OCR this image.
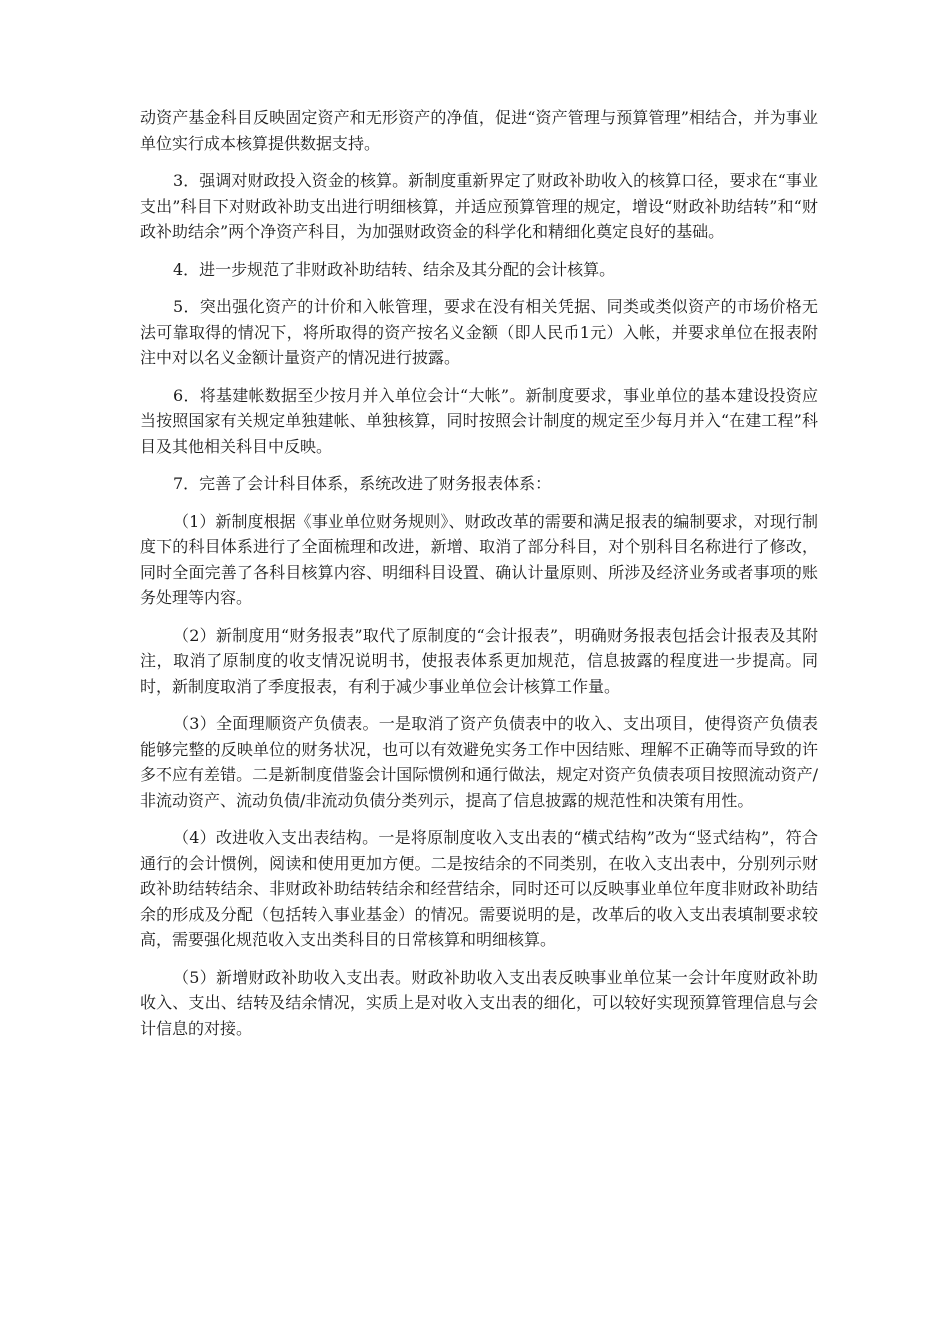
动资产基金科目反映固定资产和无形资产的净值，促进“资产管理与预算管理”相结合，并为事业单位实行成本核算提供数据支持。

3．强调对财政投入资金的核算。新制度重新界定了财政补助收入的核算口径，要求在“事业支出”科目下对财政补助支出进行明细核算，并适应预算管理的规定，增设“财政补助结转”和“财政补助结余”两个净资产科目，为加强财政资金的科学化和精细化奠定良好的基础。

4．进一步规范了非财政补助结转、结余及其分配的会计核算。

5．突出强化资产的计价和入帐管理，要求在没有相关凭据、同类或类似资产的市场价格无法可靠取得的情况下，将所取得的资产按名义金额（即人民币1元）入帐，并要求单位在报表附注中对以名义金额计量资产的情况进行披露。

6．将基建帐数据至少按月并入单位会计“大帐”。新制度要求，事业单位的基本建设投资应当按照国家有关规定单独建帐、单独核算，同时按照会计制度的规定至少每月并入“在建工程”科目及其他相关科目中反映。

7．完善了会计科目体系，系统改进了财务报表体系：

（1）新制度根据《事业单位财务规则》、财政改革的需要和满足报表的编制要求，对现行制度下的科目体系进行了全面梳理和改进，新增、取消了部分科目，对个别科目名称进行了修改，同时全面完善了各科目核算内容、明细科目设置、确认计量原则、所涉及经济业务或者事项的账务处理等内容。

（2）新制度用“财务报表”取代了原制度的“会计报表”，明确财务报表包括会计报表及其附注，取消了原制度的收支情况说明书，使报表体系更加规范，信息披露的程度进一步提高。同时，新制度取消了季度报表，有利于减少事业单位会计核算工作量。

（3）全面理顺资产负债表。一是取消了资产负债表中的收入、支出项目，使得资产负债表能够完整的反映单位的财务状况，也可以有效避免实务工作中因结账、理解不正确等而导致的许多不应有差错。二是新制度借鉴会计国际惯例和通行做法，规定对资产负债表项目按照流动资产/非流动资产、流动负债/非流动负债分类列示，提高了信息披露的规范性和决策有用性。

（4）改进收入支出表结构。一是将原制度收入支出表的“横式结构”改为“竖式结构”，符合通行的会计惯例，阅读和使用更加方便。二是按结余的不同类别，在收入支出表中，分别列示财政补助结转结余、非财政补助结转结余和经营结余，同时还可以反映事业单位年度非财政补助结余的形成及分配（包括转入事业基金）的情况。需要说明的是，改革后的收入支出表填制要求较高，需要强化规范收入支出类科目的日常核算和明细核算。

（5）新增财政补助收入支出表。财政补助收入支出表反映事业单位某一会计年度财政补助收入、支出、结转及结余情况，实质上是对收入支出表的细化，可以较好实现预算管理信息与会计信息的对接。
